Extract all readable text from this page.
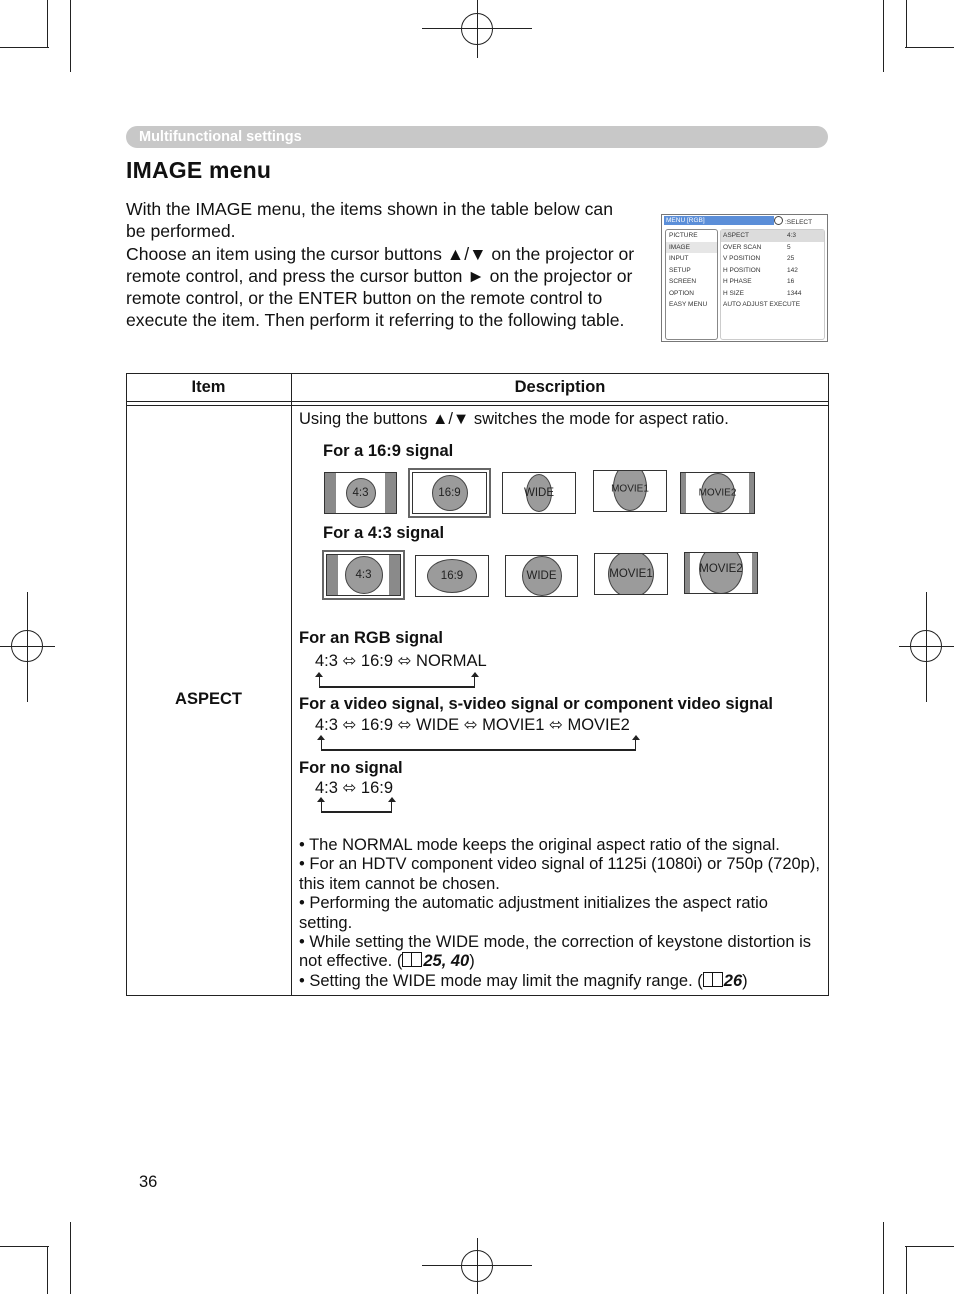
Multifunctional settings
IMAGE menu

With the IMAGE menu, the items shown in the table below can be performed.

Choose an item using the cursor buttons ▲/▼ on the projector or remote control, and press the cursor button ► on the projector or remote control, or the ENTER button on the remote control to execute the item. Then perform it referring to the following table.

MENU [RGB]	:SELECT
PICTURE
IMAGE
INPUT
SETUP
SCREEN
OPTION
EASY MENU
ASPECT	4:3
OVER SCAN	5
V POSITION	25
H POSITION	142
H PHASE	16
H SIZE	1344
AUTO ADJUST EXECUTE
Item	Description
ASPECT
Using the buttons ▲/▼ switches the mode for aspect ratio.
For a 16:9 signal
4:3	16:9	WIDE	MOVIE1	MOVIE2
For a 4:3 signal
4:3	16:9	WIDE	MOVIE1	MOVIE2
For an RGB signal
4:3 ⬄ 16:9 ⬄ NORMAL
For a video signal, s-video signal or component video signal
4:3 ⬄ 16:9 ⬄ WIDE ⬄ MOVIE1 ⬄ MOVIE2
For no signal
4:3 ⬄ 16:9

• The NORMAL mode keeps the original aspect ratio of the signal.

• For an HDTV component video signal of 1125i (1080i) or 750p (720p), this item cannot be chosen.

• Performing the automatic adjustment initializes the aspect ratio setting.

• While setting the WIDE mode, the correction of keystone distortion is not effective. ( 25, 40)

• Setting the WIDE mode may limit the magnify range. ( 26)

36
